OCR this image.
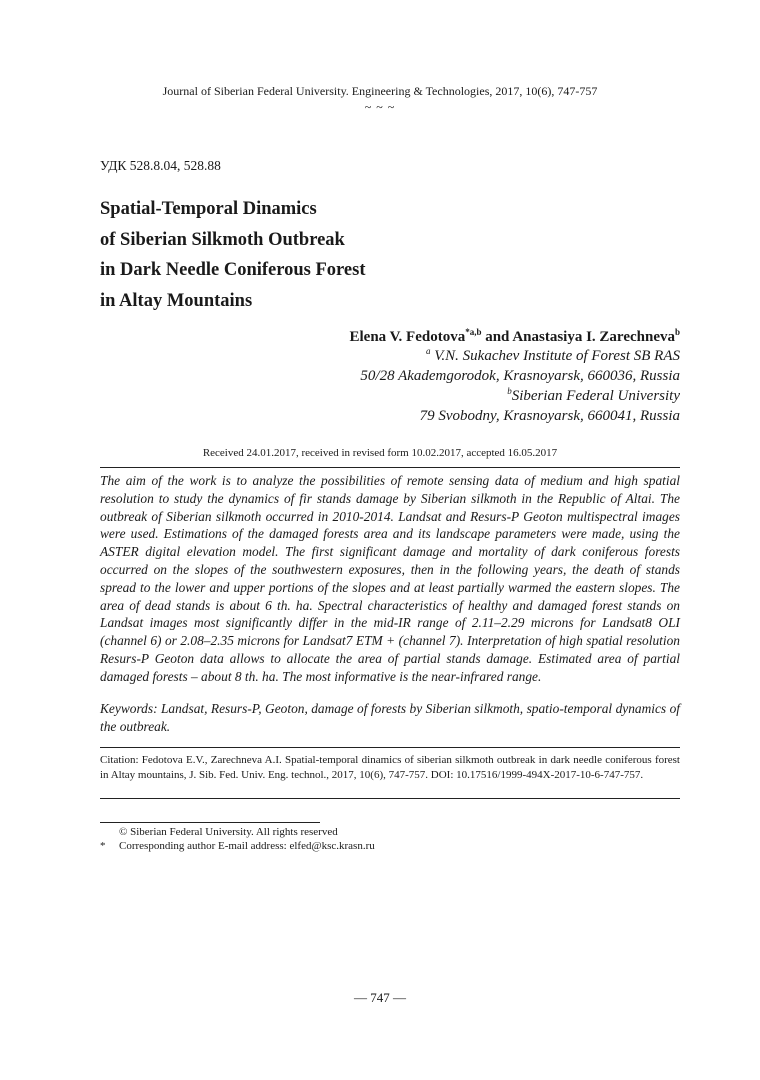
Journal of Siberian Federal University. Engineering & Technologies, 2017, 10(6), 747-757
~ ~ ~
УДК 528.8.04, 528.88
Spatial-Temporal Dinamics
of Siberian Silkmoth Outbreak
in Dark Needle Coniferous Forest
in Altay Mountains
Elena V. Fedotova$^{*a,b}$ and Anastasiya I. Zarechneva$^b$
$^a$ V.N. Sukachev Institute of Forest SB RAS
50/28 Akademgorodok, Krasnoyarsk, 660036, Russia
$^b$Siberian Federal University
79 Svobodny, Krasnoyarsk, 660041, Russia
Received 24.01.2017, received in revised form 10.02.2017, accepted 16.05.2017
The aim of the work is to analyze the possibilities of remote sensing data of medium and high spatial resolution to study the dynamics of fir stands damage by Siberian silkmoth in the Republic of Altai. The outbreak of Siberian silkmoth occurred in 2010-2014. Landsat and Resurs-P Geoton multispectral images were used. Estimations of the damaged forests area and its landscape parameters were made, using the ASTER digital elevation model. The first significant damage and mortality of dark coniferous forests occurred on the slopes of the southwestern exposures, then in the following years, the death of stands spread to the lower and upper portions of the slopes and at least partially warmed the eastern slopes. The area of dead stands is about 6 th. ha. Spectral characteristics of healthy and damaged forest stands on Landsat images most significantly differ in the mid-IR range of 2.11–2.29 microns for Landsat8 OLI (channel 6) or 2.08–2.35 microns for Landsat7 ETM + (channel 7). Interpretation of high spatial resolution Resurs-P Geoton data allows to allocate the area of partial stands damage. Estimated area of partial damaged forests – about 8 th. ha. The most informative is the near-infrared range.
Keywords: Landsat, Resurs-P, Geoton, damage of forests by Siberian silkmoth, spatio-temporal dynamics of the outbreak.
Citation: Fedotova E.V., Zarechneva A.I. Spatial-temporal dinamics of siberian silkmoth outbreak in dark needle coniferous forest in Altay mountains, J. Sib. Fed. Univ. Eng. technol., 2017, 10(6), 747-757. DOI: 10.17516/1999-494X-2017-10-6-747-757.
© Siberian Federal University. All rights reserved
* Corresponding author E-mail address: elfed@ksc.krasn.ru
— 747 —
